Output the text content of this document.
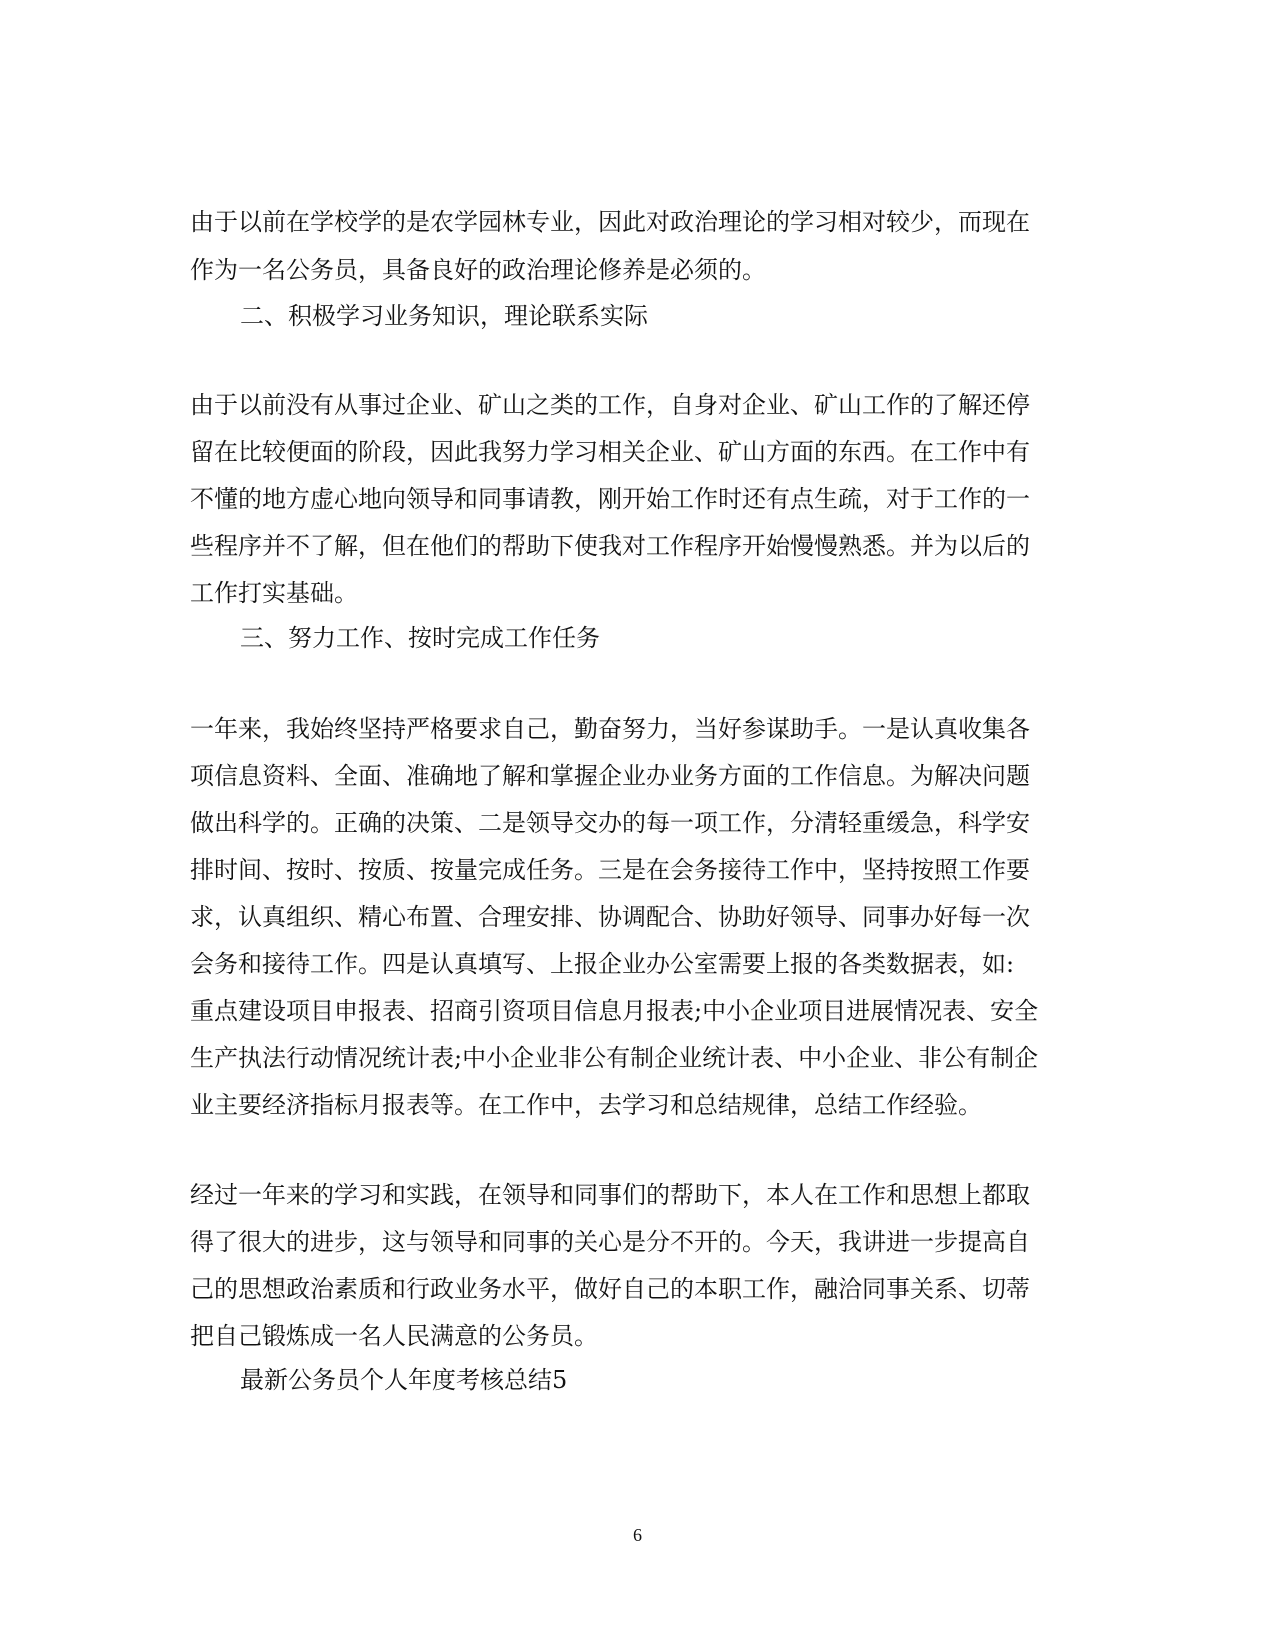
由于以前在学校学的是农学园林专业，因此对政治理论的学习相对较少，而现在
作为一名公务员，具备良好的政治理论修养是必须的。
二、积极学习业务知识，理论联系实际
由于以前没有从事过企业、矿山之类的工作，自身对企业、矿山工作的了解还停
留在比较便面的阶段，因此我努力学习相关企业、矿山方面的东西。在工作中有
不懂的地方虚心地向领导和同事请教，刚开始工作时还有点生疏，对于工作的一
些程序并不了解，但在他们的帮助下使我对工作程序开始慢慢熟悉。并为以后的
工作打实基础。
三、努力工作、按时完成工作任务
一年来，我始终坚持严格要求自己，勤奋努力，当好参谋助手。一是认真收集各
项信息资料、全面、准确地了解和掌握企业办业务方面的工作信息。为解决问题
做出科学的。正确的决策、二是领导交办的每一项工作，分清轻重缓急，科学安
排时间、按时、按质、按量完成任务。三是在会务接待工作中，坚持按照工作要
求，认真组织、精心布置、合理安排、协调配合、协助好领导、同事办好每一次
会务和接待工作。四是认真填写、上报企业办公室需要上报的各类数据表，如:
重点建设项目申报表、招商引资项目信息月报表;中小企业项目进展情况表、安全
生产执法行动情况统计表;中小企业非公有制企业统计表、中小企业、非公有制企
业主要经济指标月报表等。在工作中，去学习和总结规律，总结工作经验。
经过一年来的学习和实践，在领导和同事们的帮助下，本人在工作和思想上都取
得了很大的进步，这与领导和同事的关心是分不开的。今天，我讲进一步提高自
己的思想政治素质和行政业务水平，做好自己的本职工作，融洽同事关系、切蒂
把自己锻炼成一名人民满意的公务员。
最新公务员个人年度考核总结5
6
